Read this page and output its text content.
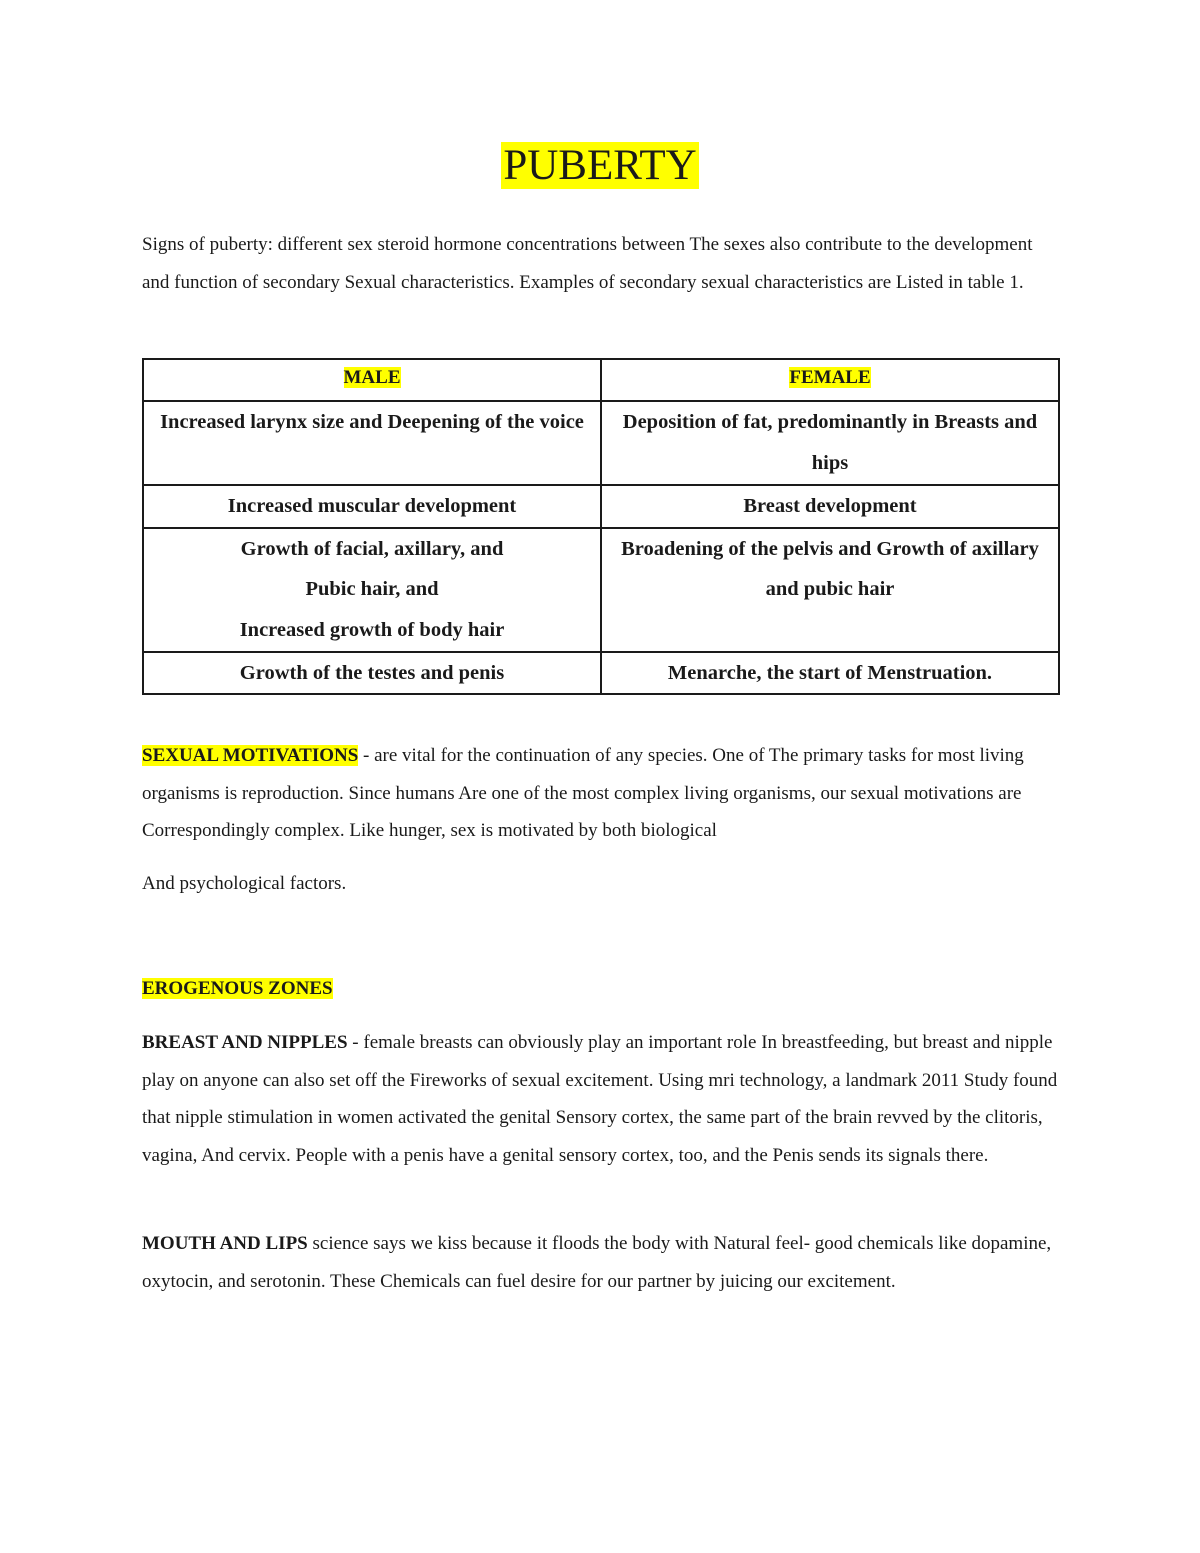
PUBERTY
Signs of puberty: different sex steroid hormone concentrations between The sexes also contribute to the development and function of secondary Sexual characteristics. Examples of secondary sexual characteristics are Listed in table 1.
MALE	FEMALE
Increased larynx size and Deepening of the voice	Deposition of fat, predominantly in Breasts and hips
Increased muscular development	Breast development

Growth of facial, axillary, and
Pubic hair, and
Increased growth of body hair	Broadening of the pelvis and Growth of axillary and pubic hair
Growth of the testes and penis	Menarche, the start of Menstruation.
SEXUAL MOTIVATIONS - are vital for the continuation of any species. One of The primary tasks for most living organisms is reproduction. Since humans Are one of the most complex living organisms, our sexual motivations are Correspondingly complex. Like hunger, sex is motivated by both biological
And psychological factors.
EROGENOUS ZONES
BREAST AND NIPPLES - female breasts can obviously play an important role In breastfeeding, but breast and nipple play on anyone can also set off the Fireworks of sexual excitement. Using mri technology, a landmark 2011 Study found that nipple stimulation in women activated the genital Sensory cortex, the same part of the brain revved by the clitoris, vagina, And cervix. People with a penis have a genital sensory cortex, too, and the Penis sends its signals there.
MOUTH AND LIPS science says we kiss because it floods the body with Natural feel- good chemicals like dopamine, oxytocin, and serotonin. These Chemicals can fuel desire for our partner by juicing our excitement.
